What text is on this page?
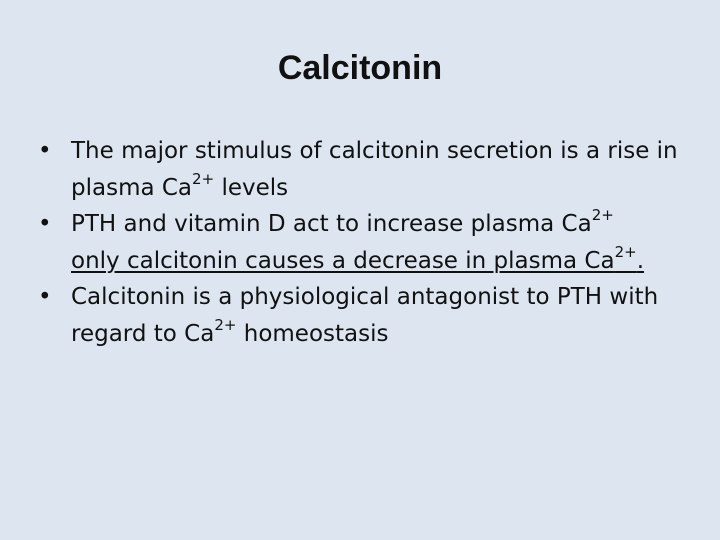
Calcitonin
• The major stimulus of calcitonin secretion is a rise in plasma $Ca^{2+}$ levels
• PTH and vitamin D act to increase plasma $Ca^{2+}$
only calcitonin causes a decrease in plasma $Ca^{2+}$.
• Calcitonin is a physiological antagonist to PTH with regard to $Ca^{2+}$ homeostasis
